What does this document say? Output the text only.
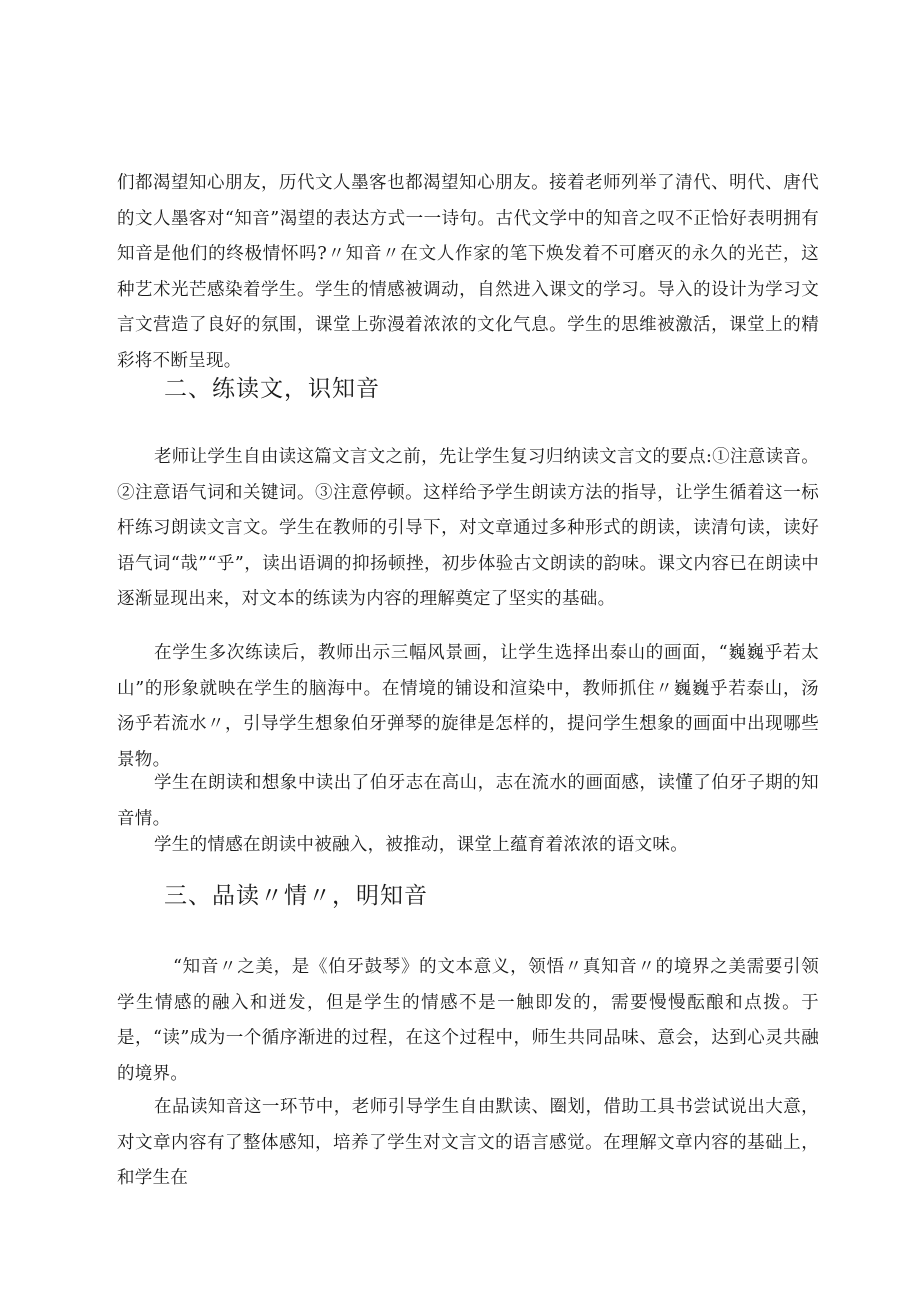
们都渴望知心朋友，历代文人墨客也都渴望知心朋友。接着老师列举了清代、明代、唐代的文人墨客对“知音”渴望的表达方式一一诗句。古代文学中的知音之叹不正恰好表明拥有知音是他们的终极情怀吗?〃知音〃在文人作家的笔下焕发着不可磨灭的永久的光芒，这种艺术光芒感染着学生。学生的情感被调动，自然进入课文的学习。导入的设计为学习文言文营造了良好的氛围，课堂上弥漫着浓浓的文化气息。学生的思维被激活，课堂上的精彩将不断呈现。

二、练读文，识知音

老师让学生自由读这篇文言文之前，先让学生复习归纳读文言文的要点:①注意读音。②注意语气词和关键词。③注意停顿。这样给予学生朗读方法的指导，让学生循着这一标杆练习朗读文言文。学生在教师的引导下，对文章通过多种形式的朗读，读清句读，读好语气词“哉”“乎”，读出语调的抑扬顿挫，初步体验古文朗读的韵味。课文内容已在朗读中逐渐显现出来，对文本的练读为内容的理解奠定了坚实的基础。

在学生多次练读后，教师出示三幅风景画，让学生选择出泰山的画面，“巍巍乎若太山”的形象就映在学生的脑海中。在情境的铺设和渲染中，教师抓住〃巍巍乎若泰山，汤汤乎若流水〃，引导学生想象伯牙弹琴的旋律是怎样的，提问学生想象的画面中出现哪些景物。

学生在朗读和想象中读出了伯牙志在高山，志在流水的画面感，读懂了伯牙子期的知音情。

学生的情感在朗读中被融入，被推动，课堂上蕴育着浓浓的语文味。

三、品读〃情〃，明知音

“知音〃之美，是《伯牙鼓琴》的文本意义，领悟〃真知音〃的境界之美需要引领学生情感的融入和迸发，但是学生的情感不是一触即发的，需要慢慢酝酿和点拨。于是，“读”成为一个循序渐进的过程，在这个过程中，师生共同品味、意会，达到心灵共融的境界。

在品读知音这一环节中，老师引导学生自由默读、圈划，借助工具书尝试说出大意，对文章内容有了整体感知，培养了学生对文言文的语言感觉。在理解文章内容的基础上，和学生在
